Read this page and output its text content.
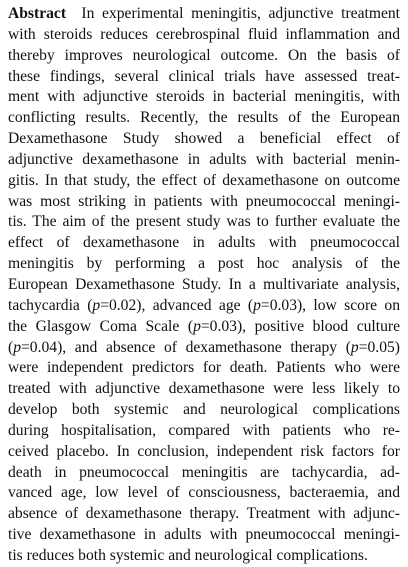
Abstract In experimental meningitis, adjunctive treatment
with steroids reduces cerebrospinal fluid inflammation and
thereby improves neurological outcome. On the basis of
these findings, several clinical trials have assessed treat-
ment with adjunctive steroids in bacterial meningitis, with
conflicting results. Recently, the results of the European
Dexamethasone Study showed a beneficial effect of
adjunctive dexamethasone in adults with bacterial menin-
gitis. In that study, the effect of dexamethasone on outcome
was most striking in patients with pneumococcal meningi-
tis. The aim of the present study was to further evaluate the
effect of dexamethasone in adults with pneumococcal
meningitis by performing a post hoc analysis of the
European Dexamethasone Study. In a multivariate analysis,
tachycardia (p=0.02), advanced age (p=0.03), low score on
the Glasgow Coma Scale (p=0.03), positive blood culture
(p=0.04), and absence of dexamethasone therapy (p=0.05)
were independent predictors for death. Patients who were
treated with adjunctive dexamethasone were less likely to
develop both systemic and neurological complications
during hospitalisation, compared with patients who re-
ceived placebo. In conclusion, independent risk factors for
death in pneumococcal meningitis are tachycardia, ad-
vanced age, low level of consciousness, bacteraemia, and
absence of dexamethasone therapy. Treatment with adjunc-
tive dexamethasone in adults with pneumococcal meningi-
tis reduces both systemic and neurological complications.
